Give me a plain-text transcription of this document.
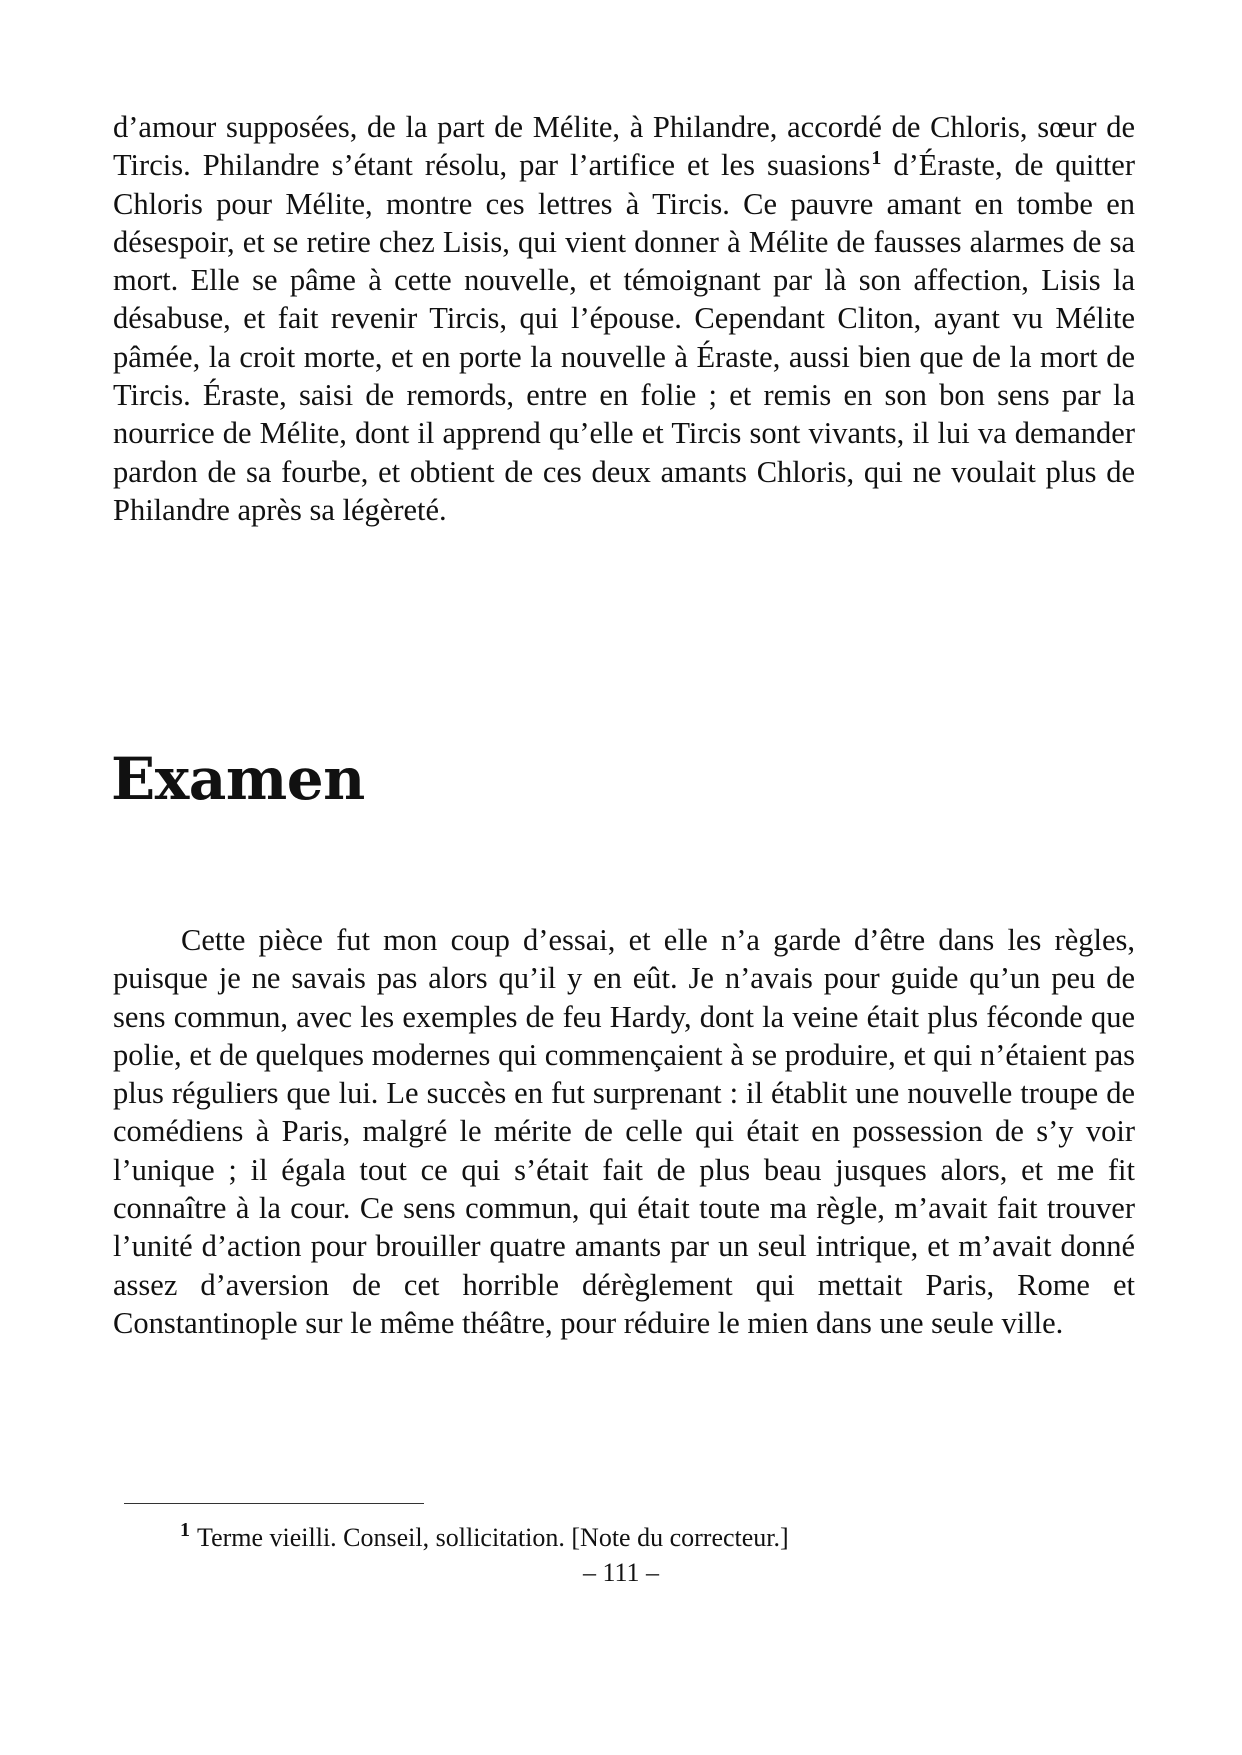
d’amour supposées, de la part de Mélite, à Philandre, accordé de Chloris, sœur de Tircis. Philandre s’étant résolu, par l’artifice et les suasions$^1$ d’Éraste, de quitter Chloris pour Mélite, montre ces lettres à Tircis. Ce pauvre amant en tombe en désespoir, et se retire chez Lisis, qui vient donner à Mélite de fausses alarmes de sa mort. Elle se pâme à cette nouvelle, et témoignant par là son affection, Lisis la désabuse, et fait revenir Tircis, qui l’épouse. Cependant Cliton, ayant vu Mélite pâmée, la croit morte, et en porte la nouvelle à Éraste, aussi bien que de la mort de Tircis. Éraste, saisi de remords, entre en folie ; et remis en son bon sens par la nourrice de Mélite, dont il apprend qu’elle et Tircis sont vivants, il lui va demander pardon de sa fourbe, et obtient de ces deux amants Chloris, qui ne voulait plus de Philandre après sa légèreté.

Examen

Cette pièce fut mon coup d’essai, et elle n’a garde d’être dans les règles, puisque je ne savais pas alors qu’il y en eût. Je n’avais pour guide qu’un peu de sens commun, avec les exemples de feu Hardy, dont la veine était plus féconde que polie, et de quelques modernes qui commençaient à se produire, et qui n’étaient pas plus réguliers que lui. Le succès en fut surprenant : il établit une nouvelle troupe de comédiens à Paris, malgré le mérite de celle qui était en possession de s’y voir l’unique ; il égala tout ce qui s’était fait de plus beau jusques alors, et me fit connaître à la cour. Ce sens commun, qui était toute ma règle, m’avait fait trouver l’unité d’action pour brouiller quatre amants par un seul intrique, et m’avait donné assez d’aversion de cet horrible dérèglement qui mettait Paris, Rome et Constantinople sur le même théâtre, pour réduire le mien dans une seule ville.

$^1$ Terme vieilli. Conseil, sollicitation. [Note du correcteur.]

– 111 –
